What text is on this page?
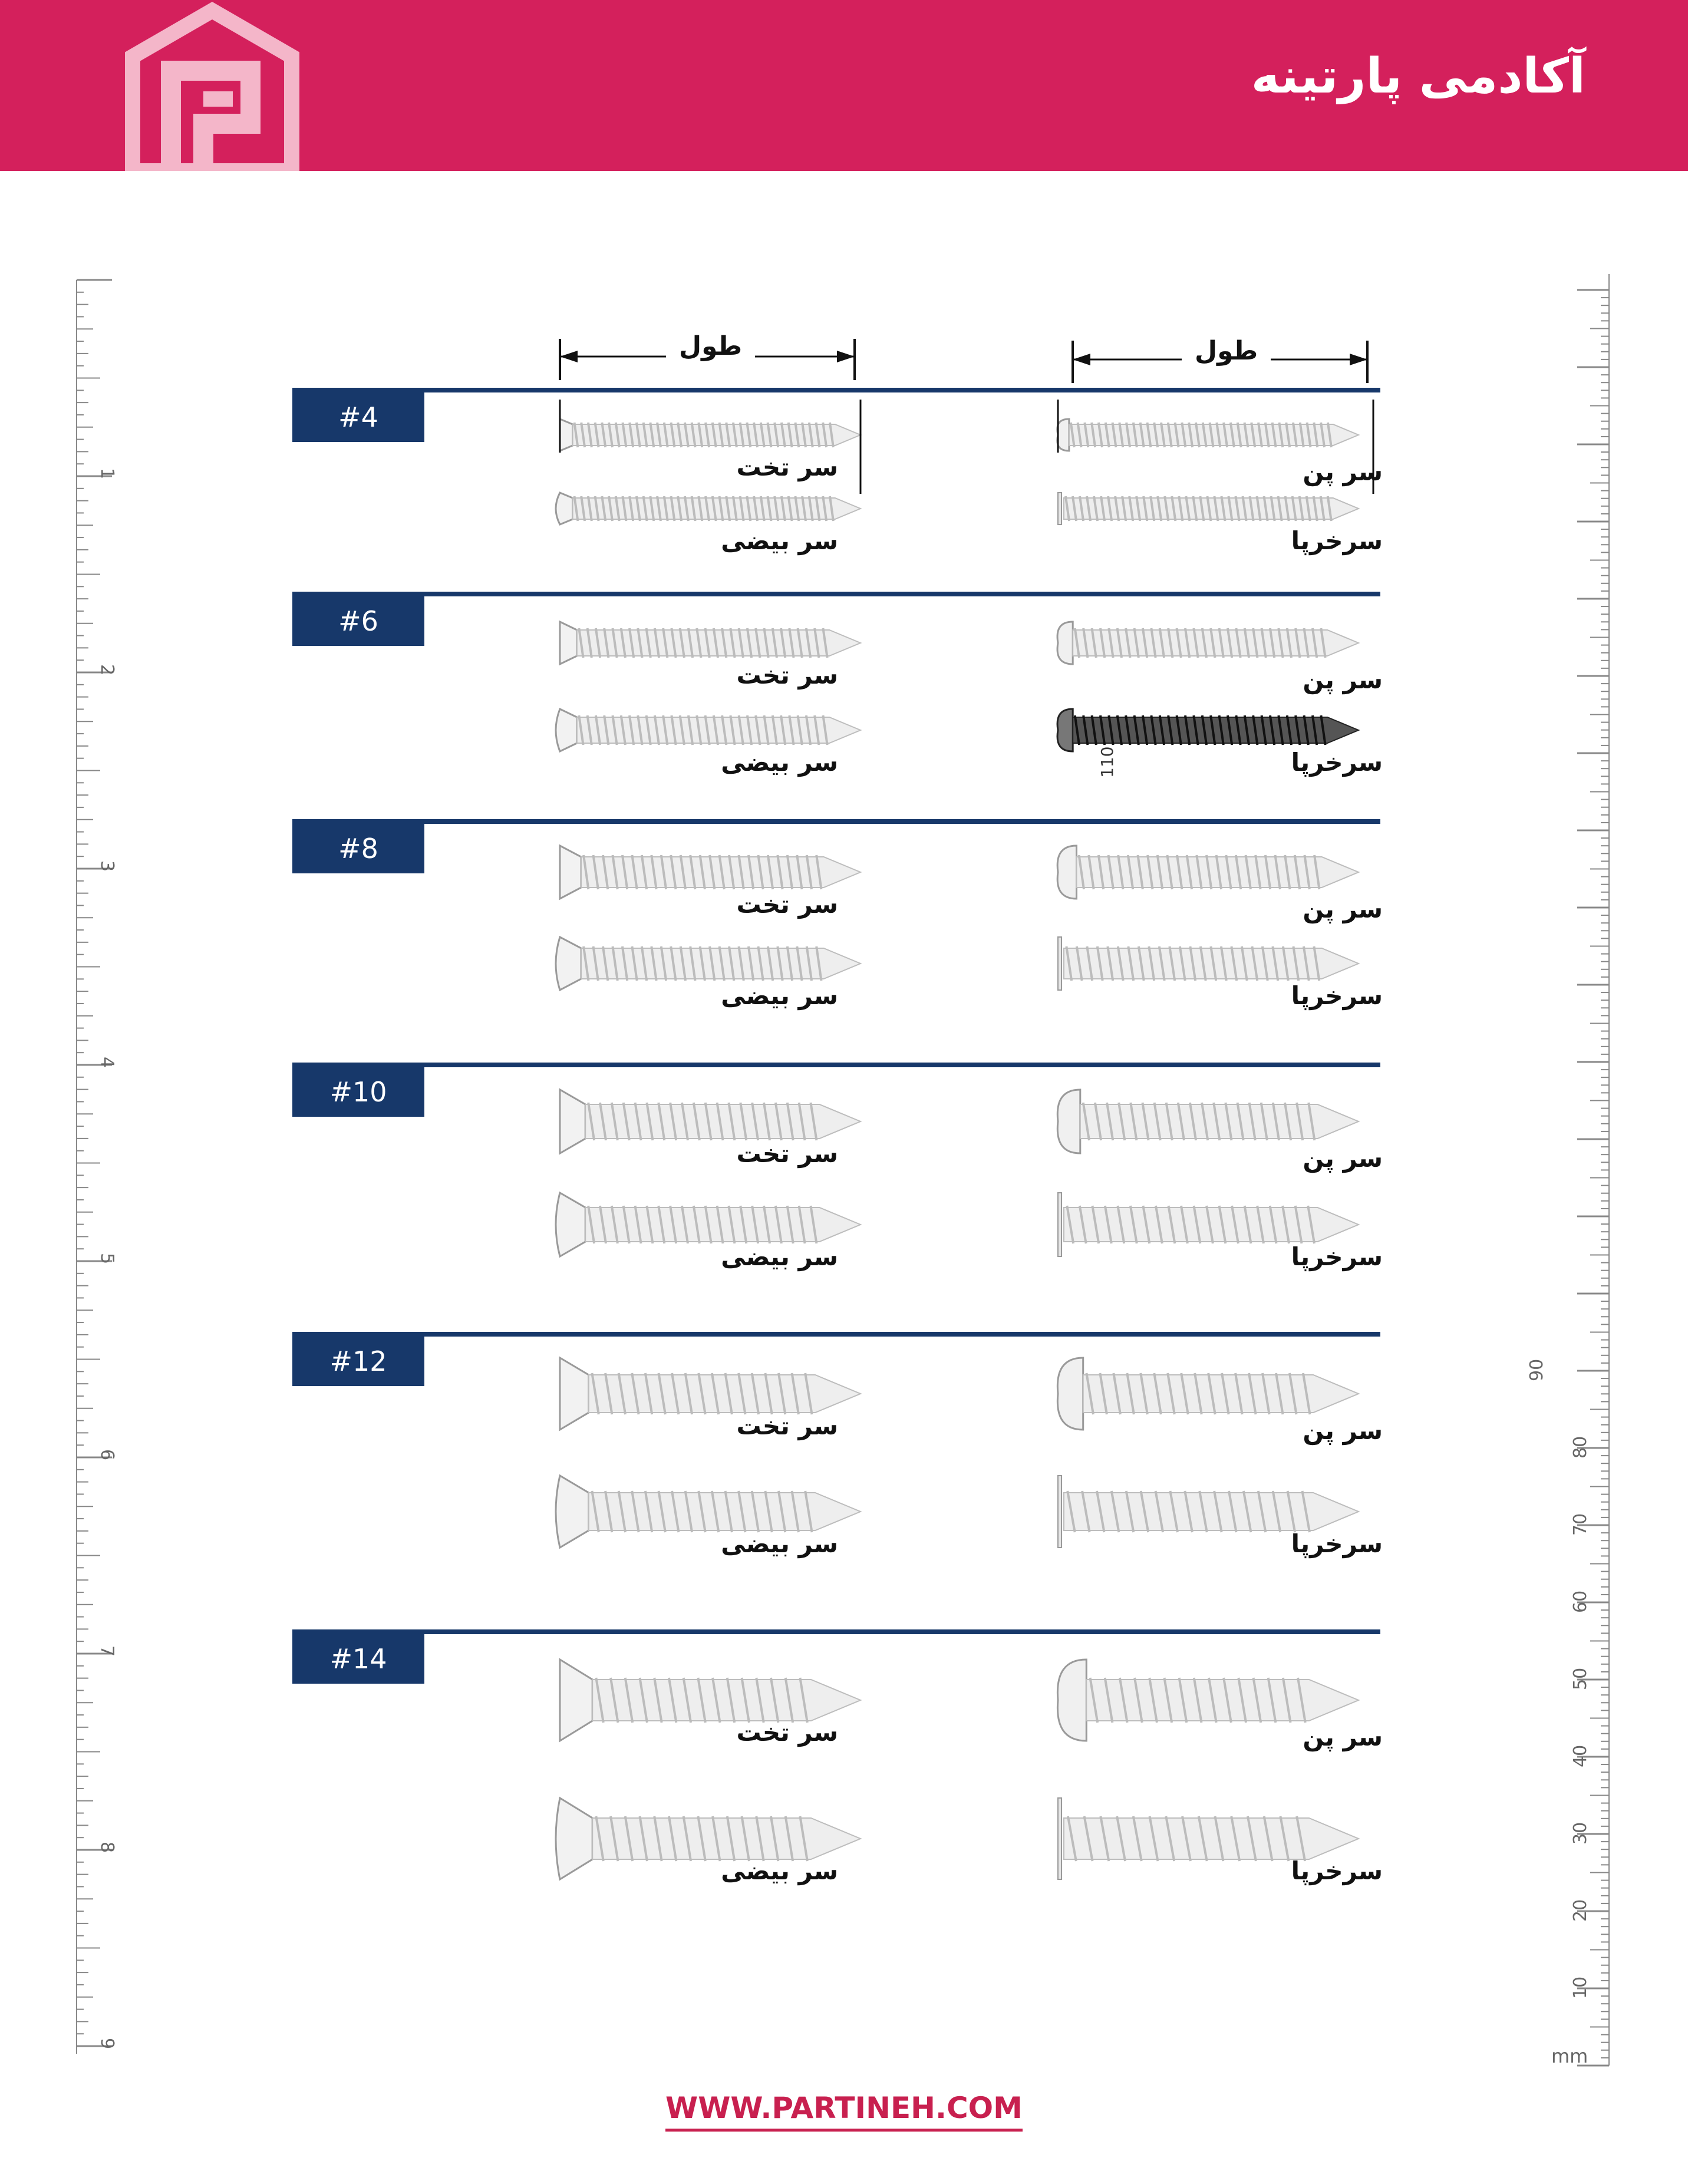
آکادمی پارتینه
1
2
3
4
5
6
7
8
9
10
20
30
40
50
60
70
80
90
mm
طول	طول
#4
سر تخت
سر بیضی
سر پن
سرخرپا
#6
سر تخت
سر بیضی
سر پن
سرخرپا
#8
سر تخت
سر بیضی
سر پن
سرخرپا
#10
سر تخت
سر بیضی
سر پن
سرخرپا
#12
سر تخت
سر بیضی
سر پن
سرخرپا
#14
سر تخت
سر بیضی
سر پن
سرخرپا
110
WWW.PARTINEH.COM
